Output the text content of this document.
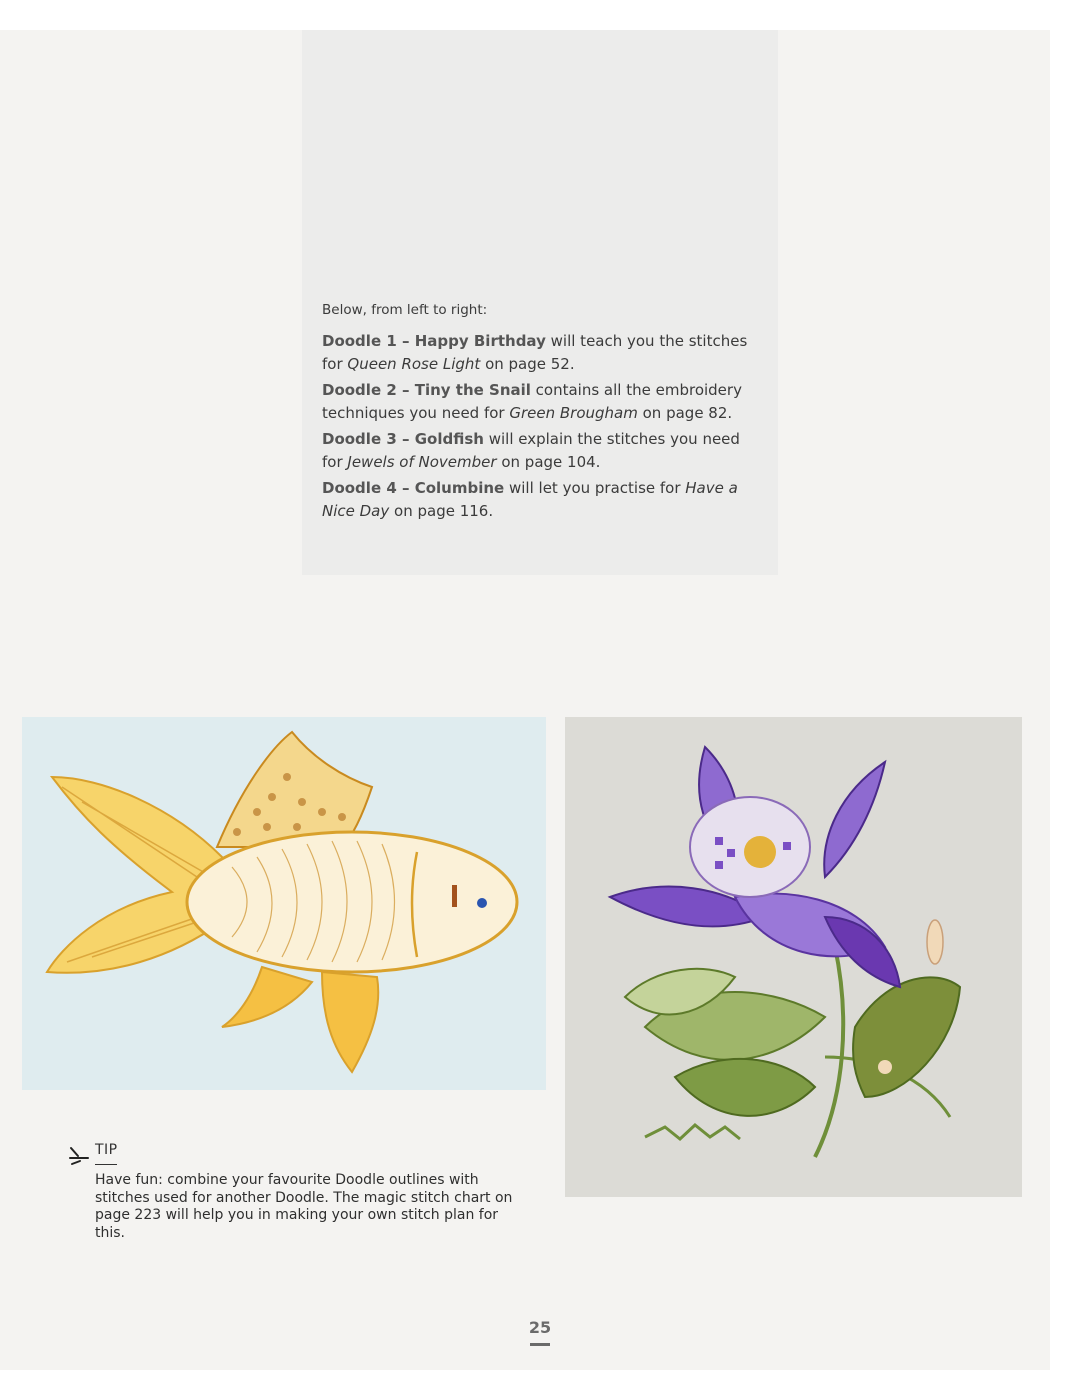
Below, from left to right:

Doodle 1 – Happy Birthday will teach you the stitches for Queen Rose Light on page 52.

Doodle 2 – Tiny the Snail contains all the embroidery techniques you need for Green Brougham on page 82.

Doodle 3 – Goldfish will explain the stitches you need for Jewels of November on page 104.

Doodle 4 – Columbine will let you practise for Have a Nice Day on page 116.

TIP
Have fun: combine your favourite Doodle outlines with stitches used for another Doodle. The magic stitch chart on page 223 will help you in making your own stitch plan for this.
25
